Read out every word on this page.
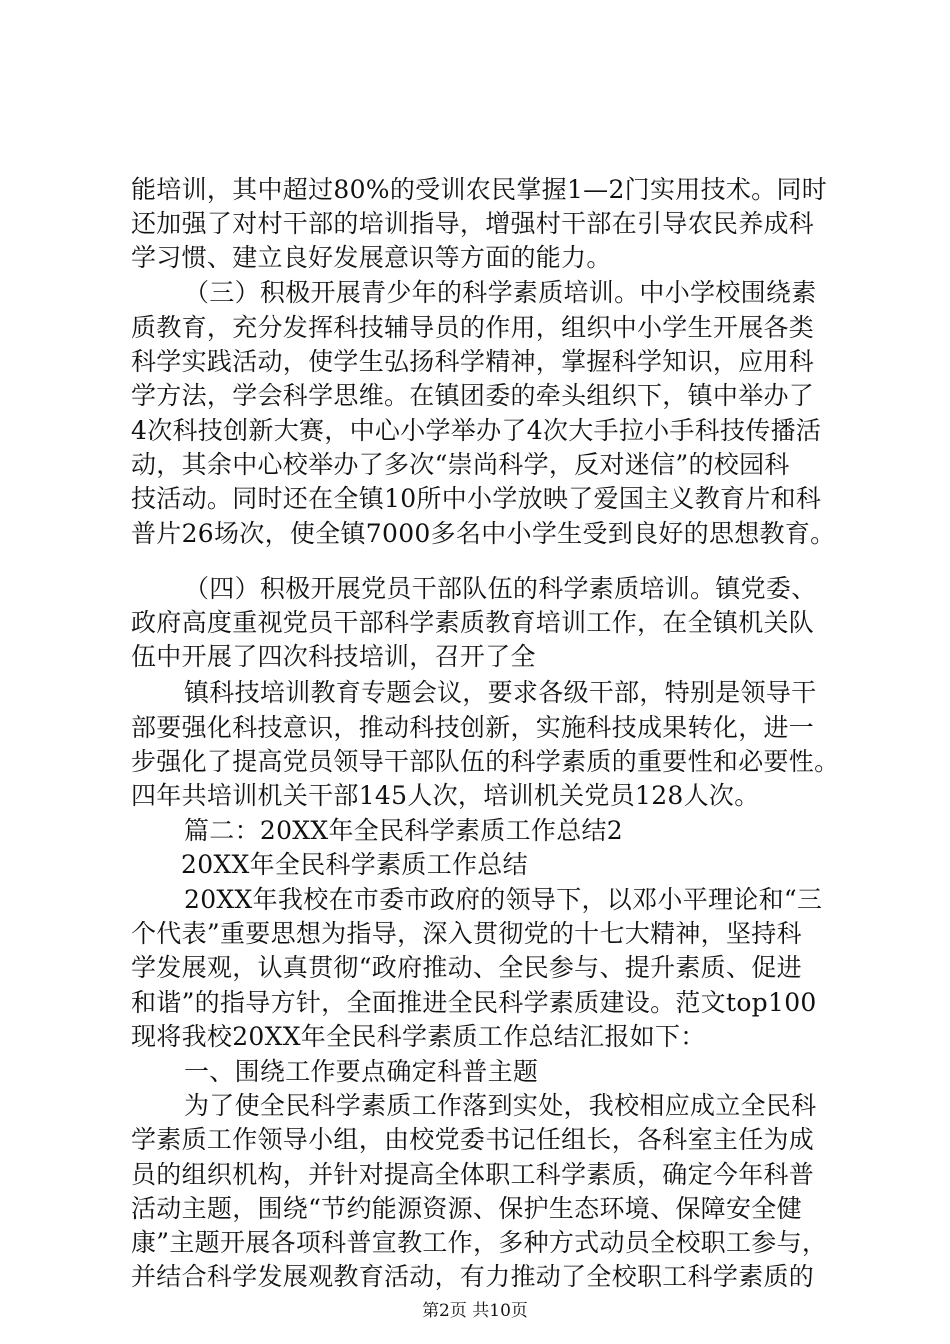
能培训，其中超过80%的受训农民掌握1—2门实用技术。同时
还加强了对村干部的培训指导，增强村干部在引导农民养成科
学习惯、建立良好发展意识等方面的能力。
（三）积极开展青少年的科学素质培训。中小学校围绕素
质教育，充分发挥科技辅导员的作用，组织中小学生开展各类
科学实践活动，使学生弘扬科学精神，掌握科学知识，应用科
学方法，学会科学思维。在镇团委的牵头组织下，镇中举办了
4次科技创新大赛，中心小学举办了4次大手拉小手科技传播活
动，其余中心校举办了多次“崇尚科学，反对迷信”的校园科
技活动。同时还在全镇10所中小学放映了爱国主义教育片和科
普片26场次，使全镇7000多名中小学生受到良好的思想教育。
（四）积极开展党员干部队伍的科学素质培训。镇党委、
政府高度重视党员干部科学素质教育培训工作，在全镇机关队
伍中开展了四次科技培训，召开了全
镇科技培训教育专题会议，要求各级干部，特别是领导干
部要强化科技意识，推动科技创新，实施科技成果转化，进一
步强化了提高党员领导干部队伍的科学素质的重要性和必要性。
四年共培训机关干部145人次，培训机关党员128人次。
篇二：20XX年全民科学素质工作总结2
20XX年全民科学素质工作总结
20XX年我校在市委市政府的领导下，以邓小平理论和“三
个代表”重要思想为指导，深入贯彻党的十七大精神，坚持科
学发展观，认真贯彻“政府推动、全民参与、提升素质、促进
和谐”的指导方针，全面推进全民科学素质建设。范文top100
现将我校20XX年全民科学素质工作总结汇报如下：
一、围绕工作要点确定科普主题
为了使全民科学素质工作落到实处，我校相应成立全民科
学素质工作领导小组，由校党委书记任组长，各科室主任为成
员的组织机构，并针对提高全体职工科学素质，确定今年科普
活动主题，围绕“节约能源资源、保护生态环境、保障安全健
康”主题开展各项科普宣教工作，多种方式动员全校职工参与，
并结合科学发展观教育活动，有力推动了全校职工科学素质的
第2页 共10页
